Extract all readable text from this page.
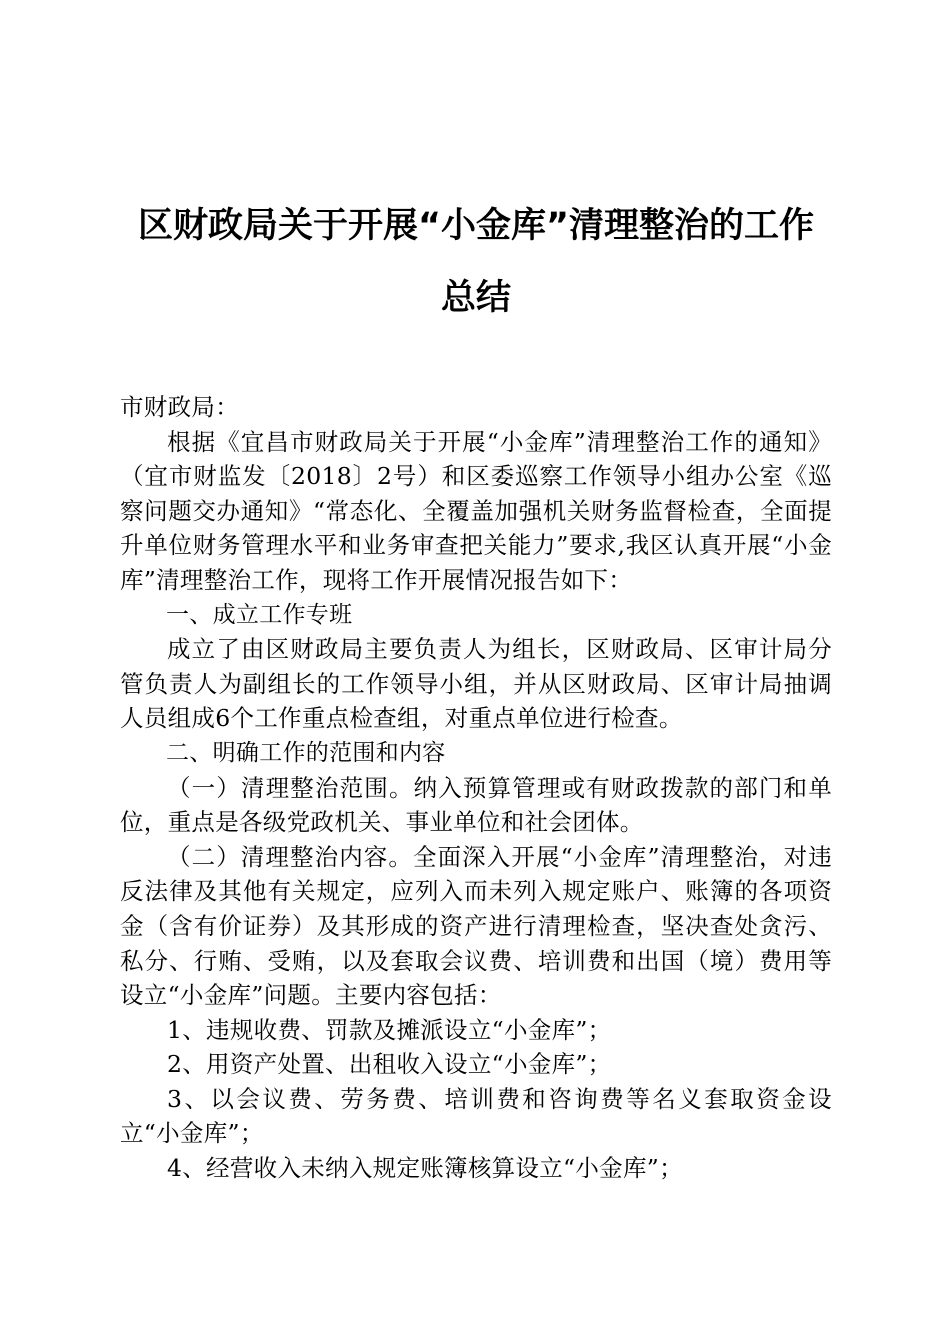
区财政局关于开展“小金库”清理整治的工作
总结

市财政局：

根据《宜昌市财政局关于开展“小金库”清理整治工作的通知》（宜市财监发〔2018〕2号）和区委巡察工作领导小组办公室《巡察问题交办通知》“常态化、全覆盖加强机关财务监督检查，全面提升单位财务管理水平和业务审查把关能力”要求,我区认真开展“小金库”清理整治工作，现将工作开展情况报告如下：

一、成立工作专班

成立了由区财政局主要负责人为组长，区财政局、区审计局分管负责人为副组长的工作领导小组，并从区财政局、区审计局抽调人员组成6个工作重点检查组，对重点单位进行检查。

二、明确工作的范围和内容

（一）清理整治范围。纳入预算管理或有财政拨款的部门和单位，重点是各级党政机关、事业单位和社会团体。

（二）清理整治内容。全面深入开展“小金库”清理整治，对违反法律及其他有关规定，应列入而未列入规定账户、账簿的各项资金（含有价证券）及其形成的资产进行清理检查，坚决查处贪污、私分、行贿、受贿，以及套取会议费、培训费和出国（境）费用等设立“小金库”问题。主要内容包括：

1、违规收费、罚款及摊派设立“小金库”；

2、用资产处置、出租收入设立“小金库”；

3、以会议费、劳务费、培训费和咨询费等名义套取资金设立“小金库”；

4、经营收入未纳入规定账簿核算设立“小金库”；
